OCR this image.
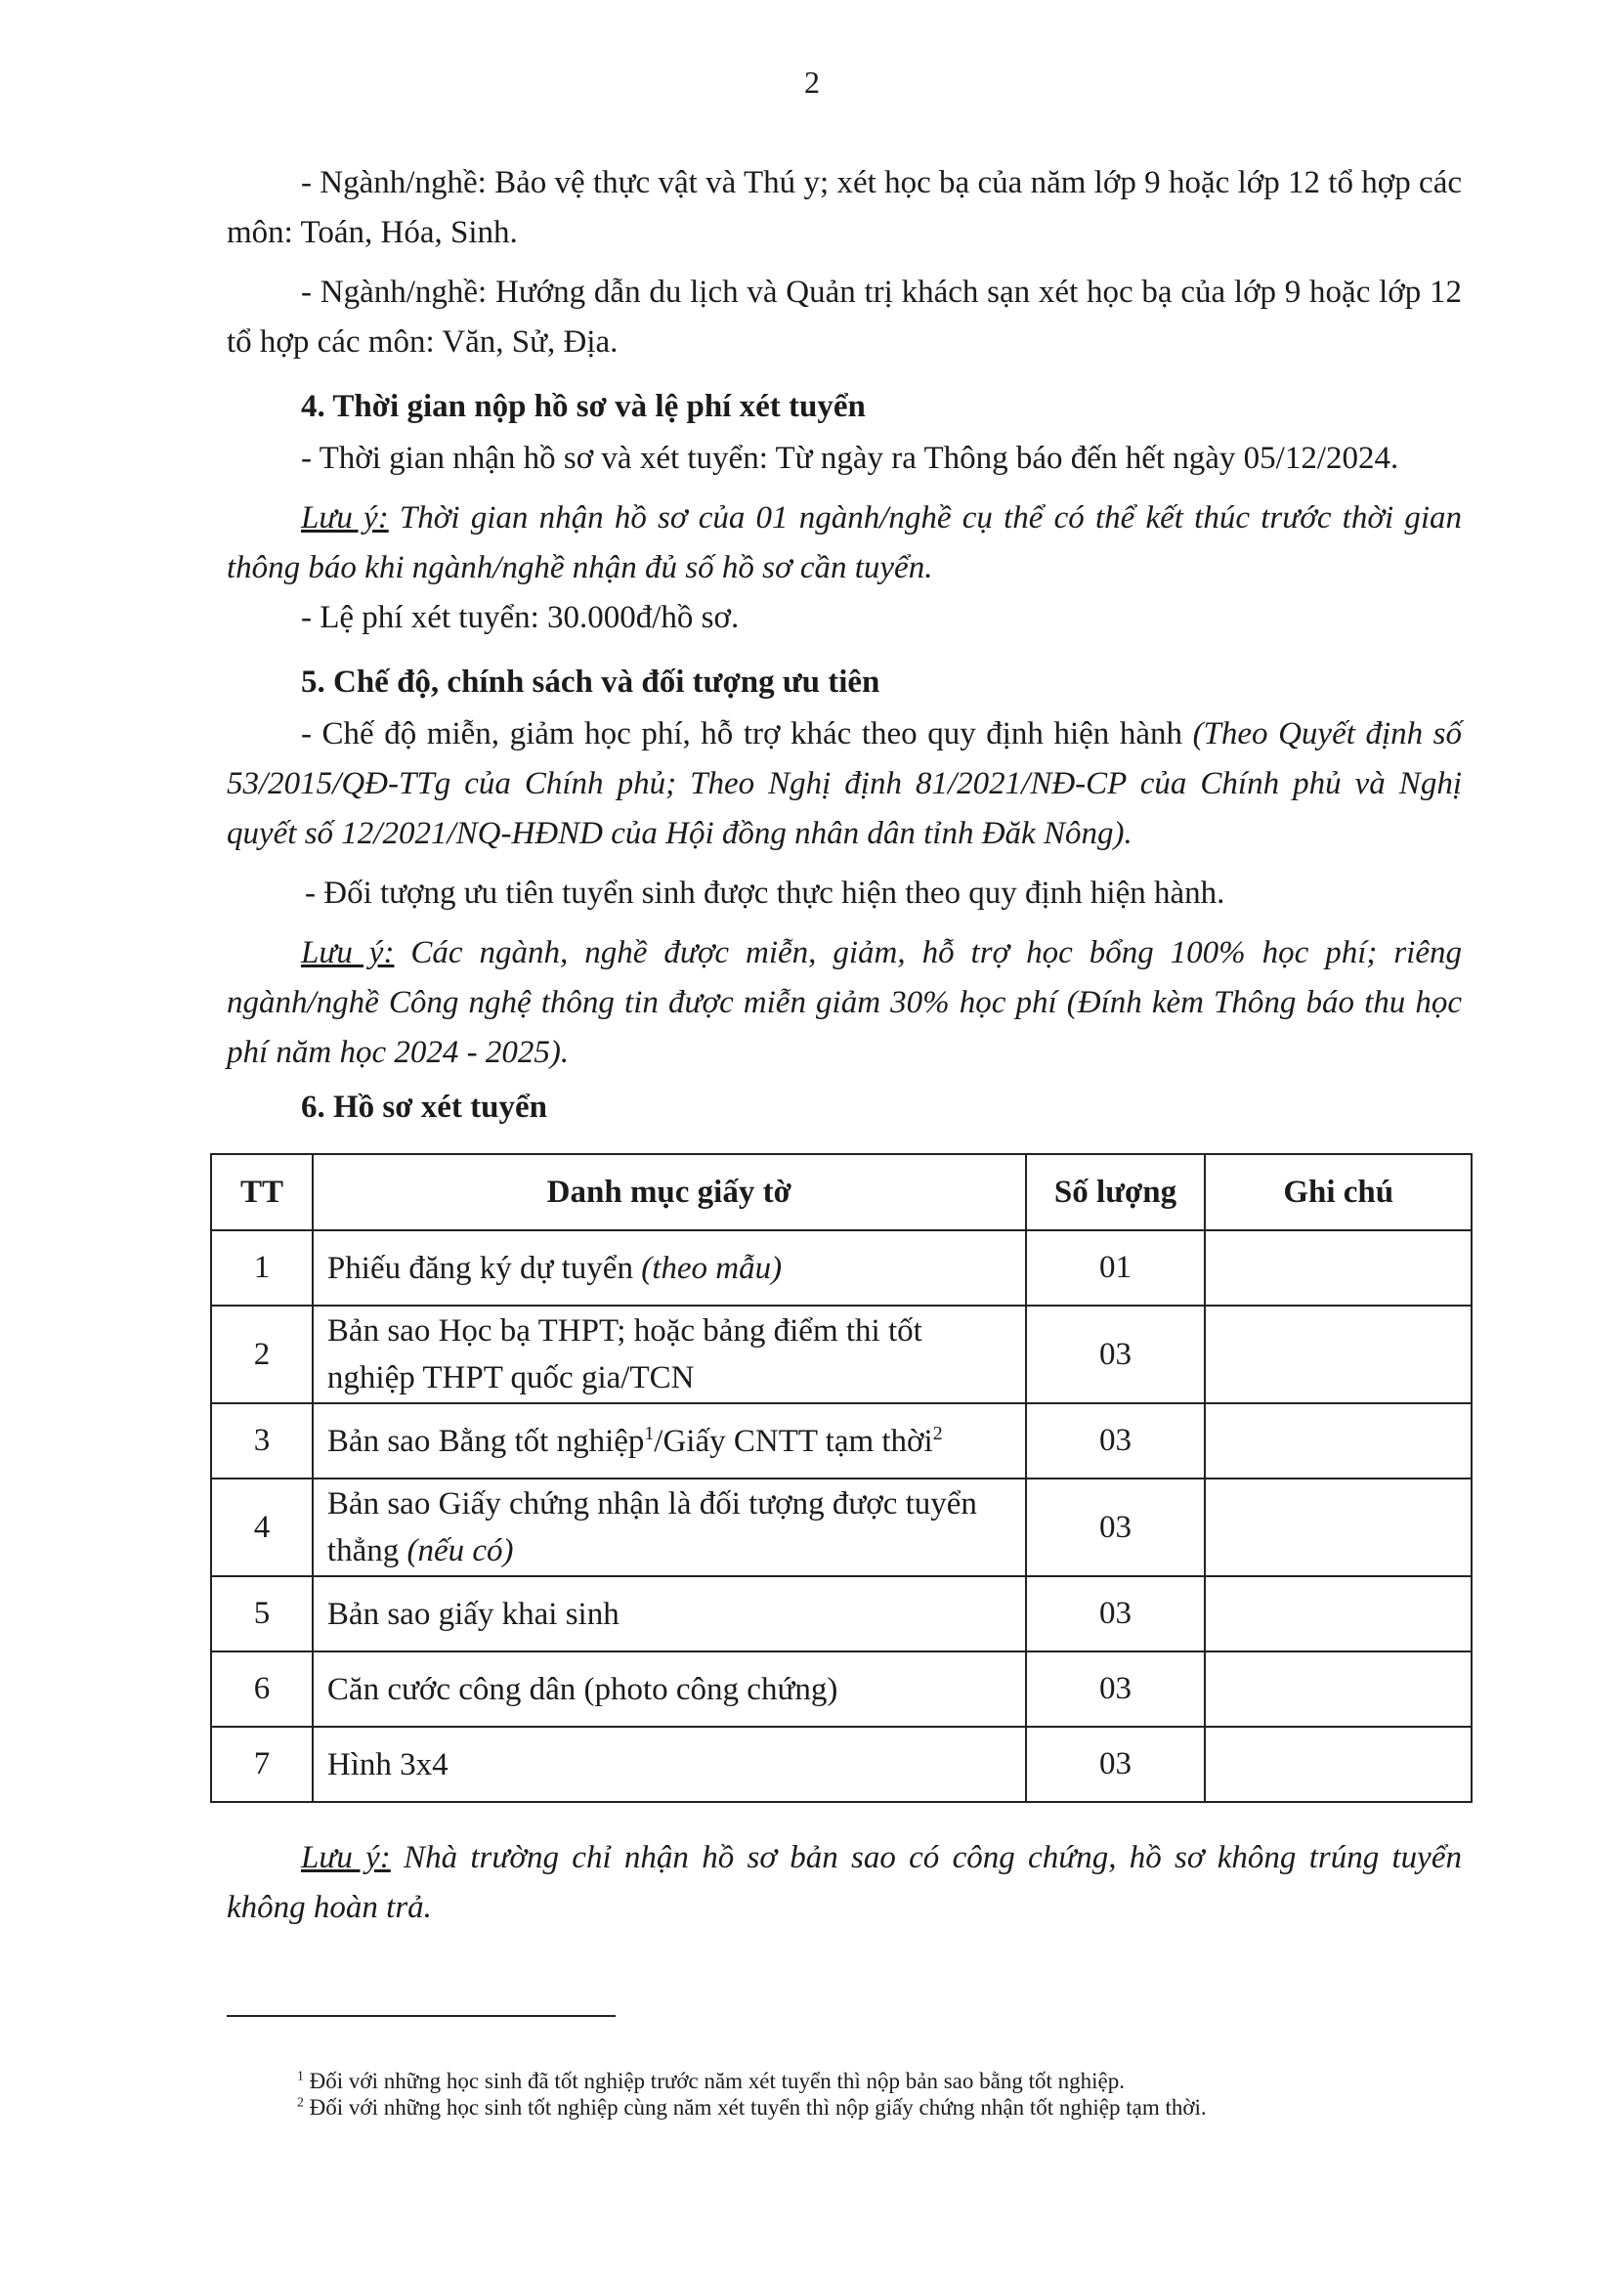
2

- Ngành/nghề: Bảo vệ thực vật và Thú y; xét học bạ của năm lớp 9 hoặc lớp 12 tổ hợp các môn: Toán, Hóa, Sinh.

- Ngành/nghề: Hướng dẫn du lịch và Quản trị khách sạn xét học bạ của lớp 9 hoặc lớp 12 tổ hợp các môn: Văn, Sử, Địa.

4. Thời gian nộp hồ sơ và lệ phí xét tuyển

- Thời gian nhận hồ sơ và xét tuyển: Từ ngày ra Thông báo đến hết ngày 05/12/2024.

Lưu ý: Thời gian nhận hồ sơ của 01 ngành/nghề cụ thể có thể kết thúc trước thời gian thông báo khi ngành/nghề nhận đủ số hồ sơ cần tuyển.

- Lệ phí xét tuyển: 30.000đ/hồ sơ.

5. Chế độ, chính sách và đối tượng ưu tiên

- Chế độ miễn, giảm học phí, hỗ trợ khác theo quy định hiện hành (Theo Quyết định số 53/2015/QĐ-TTg của Chính phủ; Theo Nghị định 81/2021/NĐ-CP của Chính phủ và Nghị quyết số 12/2021/NQ-HĐND của Hội đồng nhân dân tỉnh Đăk Nông).

- Đối tượng ưu tiên tuyển sinh được thực hiện theo quy định hiện hành.

Lưu ý: Các ngành, nghề được miễn, giảm, hỗ trợ học bổng 100% học phí; riêng ngành/nghề Công nghệ thông tin được miễn giảm 30% học phí (Đính kèm Thông báo thu học phí năm học 2024 - 2025).

6. Hồ sơ xét tuyển

TT	Danh mục giấy tờ	Số lượng	Ghi chú
1	Phiếu đăng ký dự tuyển (theo mẫu)	01	
2	Bản sao Học bạ THPT; hoặc bảng điểm thi tốt nghiệp THPT quốc gia/TCN	03	
3	Bản sao Bằng tốt nghiệp$^1$/Giấy CNTT tạm thời$^2$	03	
4	Bản sao Giấy chứng nhận là đối tượng được tuyển thẳng (nếu có)	03	
5	Bản sao giấy khai sinh	03	
6	Căn cước công dân (photo công chứng)	03	
7	Hình 3x4	03	

Lưu ý: Nhà trường chỉ nhận hồ sơ bản sao có công chứng, hồ sơ không trúng tuyển không hoàn trả.

$^1$ Đối với những học sinh đã tốt nghiệp trước năm xét tuyển thì nộp bản sao bằng tốt nghiệp.
$^2$ Đối với những học sinh tốt nghiệp cùng năm xét tuyển thì nộp giấy chứng nhận tốt nghiệp tạm thời.
